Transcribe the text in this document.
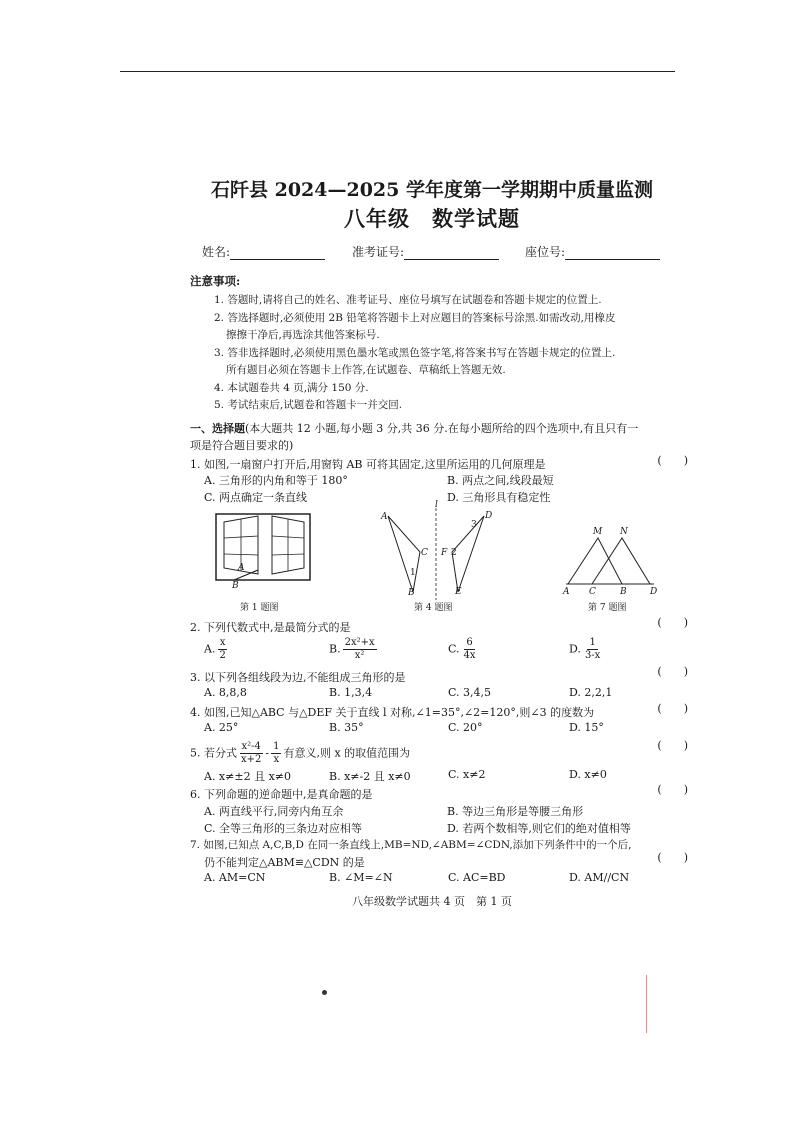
石阡县 2024—2025 学年度第一学期期中质量监测
八年级　数学试题
姓名:	准考证号:	座位号:
注意事项:
1. 答题时,请将自己的姓名、准考证号、座位号填写在试题卷和答题卡规定的位置上.
2. 答选择题时,必须使用 2B 铅笔将答题卡上对应题目的答案标号涂黑.如需改动,用橡皮
擦擦干净后,再选涂其他答案标号.
3. 答非选择题时,必须使用黑色墨水笔或黑色签字笔,将答案书写在答题卡规定的位置上.
所有题目必须在答题卡上作答,在试题卷、草稿纸上答题无效.
4. 本试题卷共 4 页,满分 150 分.
5. 考试结束后,试题卷和答题卡一并交回.
一、选择题(本大题共 12 小题,每小题 3 分,共 36 分.在每小题所给的四个选项中,有且只有一
项是符合题目要求的)
1. 如图,一扇窗户打开后,用窗钩 AB 可将其固定,这里所运用的几何原理是	(　　)
A. 三角形的内角和等于 180°	B. 两点之间,线段最短
C. 两点确定一条直线	D. 三角形具有稳定性
A
B
第 1 题图
A
C
B
1
l
D
F 2
3
E
第 4 题图
M N
A C	B	D
第 7 题图
2. 下列代数式中,是最简分式的是	(　　)
A. $\frac{x}{2}$	B. $\frac{\text{2x²+x}}{\text{x²}}$	C. $\frac{6}{4x}$	D. $\frac{1}{3-x}$
3. 以下列各组线段为边,不能组成三角形的是	(　　)
A. 8,8,8	B. 1,3,4	C. 3,4,5	D. 2,2,1
4. 如图,已知△ABC 与△DEF 关于直线 l 对称,∠1=35°,∠2=120°,则∠3 的度数为	(　　)
A. 25°	B. 35°	C. 20°	D. 15°
5. 若分式 $\frac{\text{x²-4}}{x+2} - \frac{1}{x}$ 有意义,则 x 的取值范围为
(　　)
A. x≠±2 且 x≠0	B. x≠-2 且 x≠0	C. x≠2	D. x≠0
6. 下列命题的逆命题中,是真命题的是	(　　)
A. 两直线平行,同旁内角互余	B. 等边三角形是等腰三角形
C. 全等三角形的三条边对应相等	D. 若两个数相等,则它们的绝对值相等
7. 如图,已知点 A,C,B,D 在同一条直线上,MB=ND,∠ABM=∠CDN,添加下列条件中的一个后,
仍不能判定△ABM≌△CDN 的是	(　　)
A. AM=CN	B. ∠M=∠N	C. AC=BD	D. AM//CN
八年级数学试题共 4 页　第 1 页
